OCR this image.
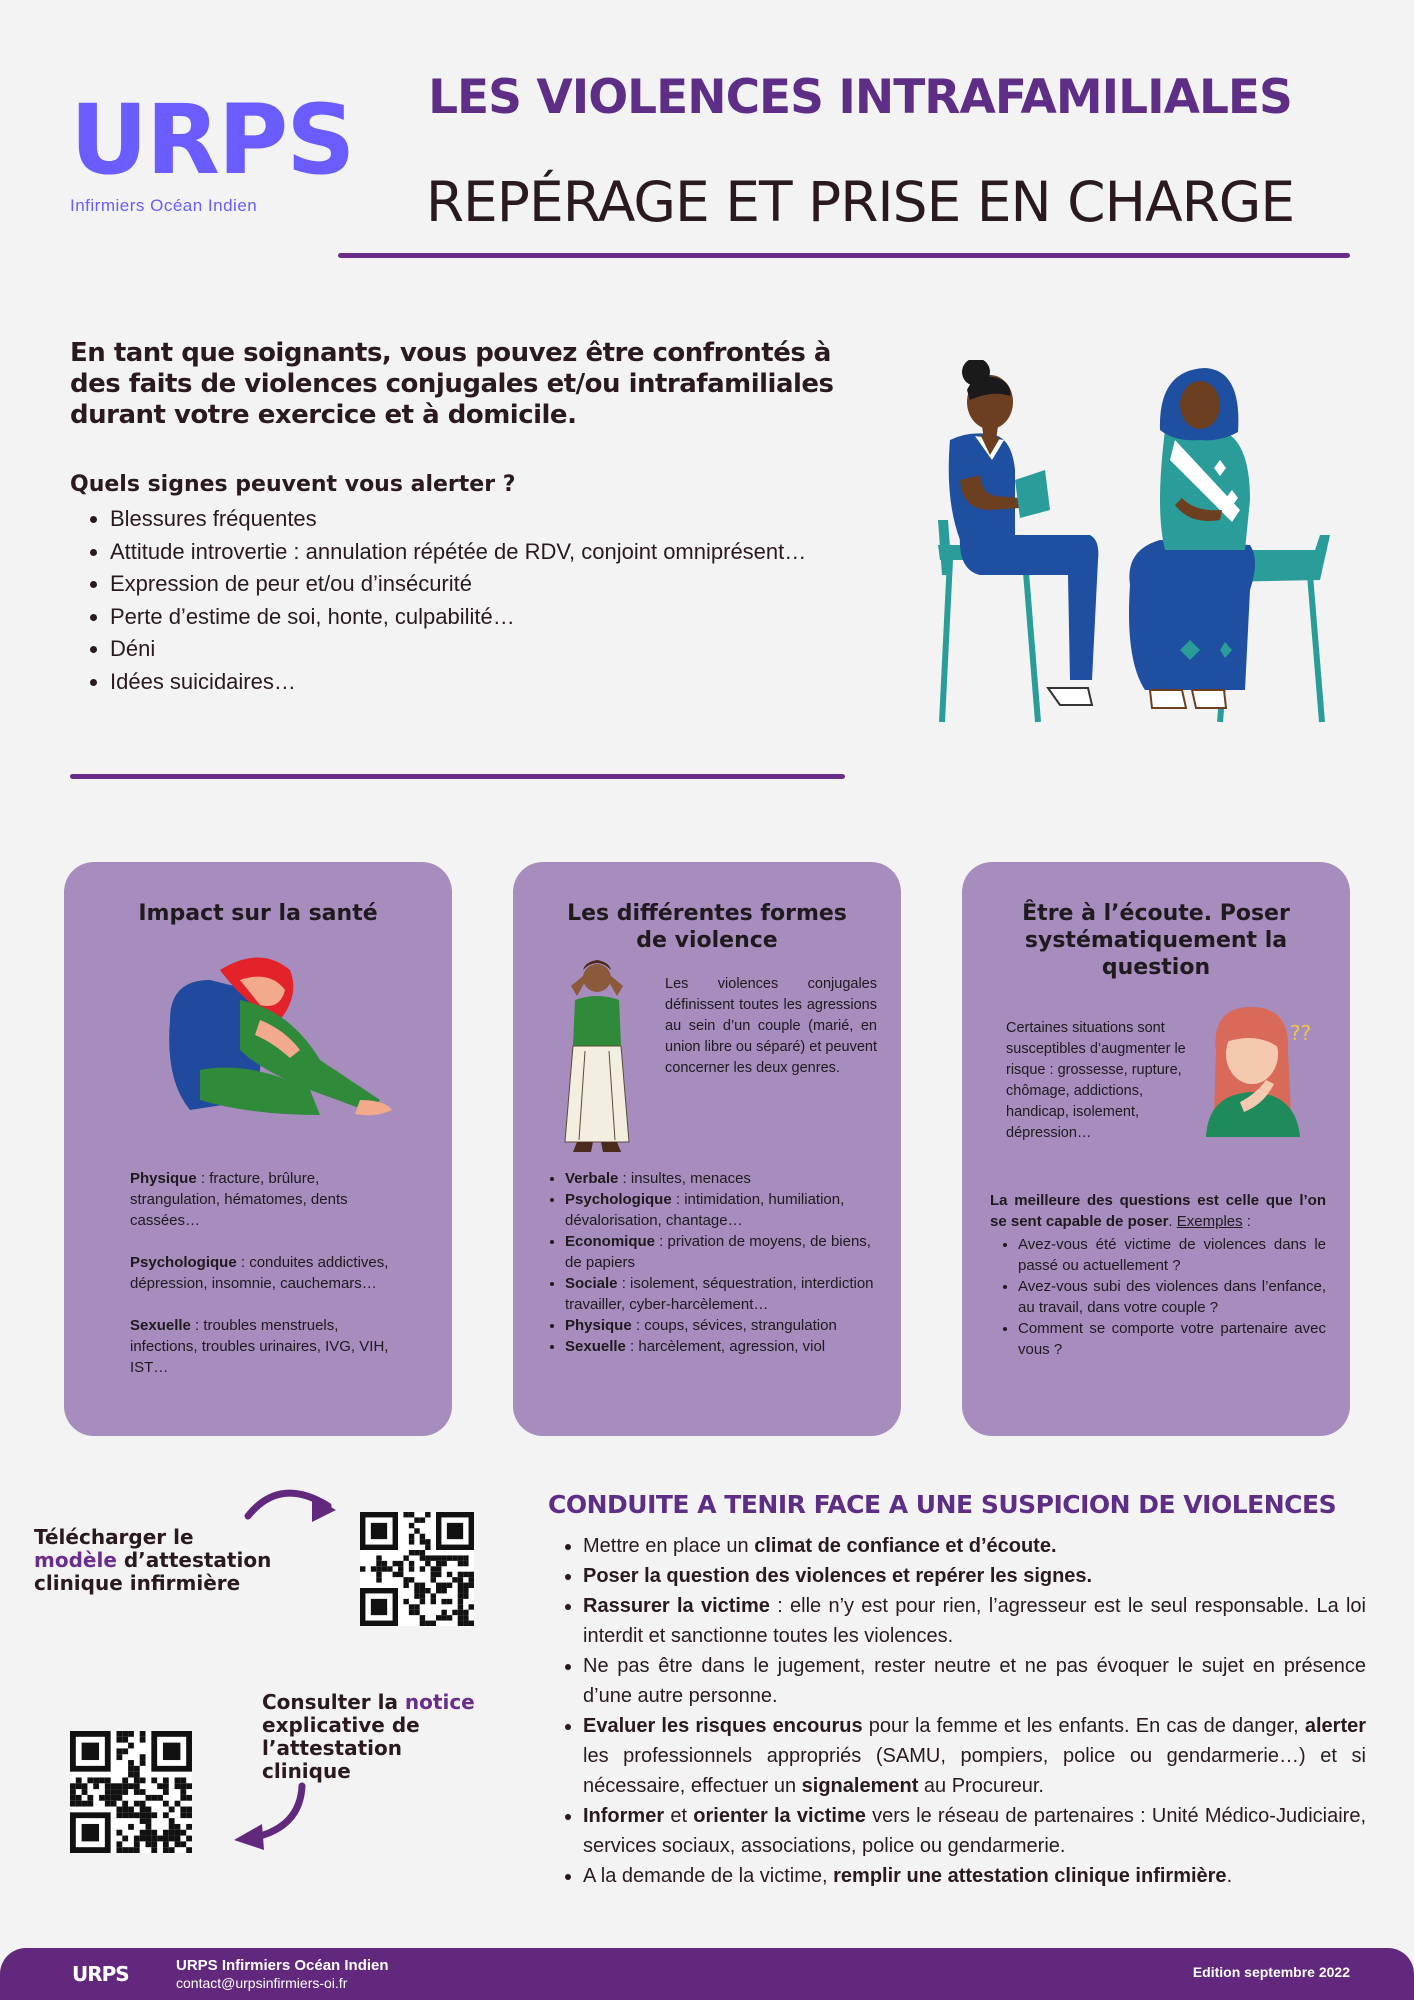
URPS
Infirmiers Océan Indien
LES VIOLENCES INTRAFAMILIALES
REPÉRAGE ET PRISE EN CHARGE
En tant que soignants, vous pouvez être confrontés à des faits de violences conjugales et/ou intrafamiliales durant votre exercice et à domicile.
Quels signes peuvent vous alerter ?
• Blessures fréquentes
• Attitude introvertie : annulation répétée de RDV, conjoint omniprésent…
• Expression de peur et/ou d’insécurité
• Perte d’estime de soi, honte, culpabilité…
• Déni
• Idées suicidaires…
Impact sur la santé
Physique : fracture, brûlure, strangulation, hématomes, dents cassées…
Psychologique : conduites addictives, dépression, insomnie, cauchemars…
Sexuelle : troubles menstruels, infections, troubles urinaires, IVG, VIH, IST…
Les différentes formes de violence
Les violences conjugales définissent toutes les agressions au sein d’un couple (marié, en union libre ou séparé) et peuvent concerner les deux genres.
• Verbale : insultes, menaces
• Psychologique : intimidation, humiliation, dévalorisation, chantage…
• Economique : privation de moyens, de biens, de papiers
• Sociale : isolement, séquestration, interdiction travailler, cyber-harcèlement…
• Physique : coups, sévices, strangulation
• Sexuelle : harcèlement, agression, viol
Être à l’écoute. Poser systématiquement la question
Certaines situations sont susceptibles d’augmenter le risque : grossesse, rupture, chômage, addictions, handicap, isolement, dépression…
??
La meilleure des questions est celle que l’on se sent capable de poser. Exemples :
• Avez-vous été victime de violences dans le passé ou actuellement ?
• Avez-vous subi des violences dans l’enfance, au travail, dans votre couple ?
• Comment se comporte votre partenaire avec vous ?
Télécharger le modèle d’attestation clinique infirmière
Consulter la notice explicative de l’attestation clinique
CONDUITE A TENIR FACE A UNE SUSPICION DE VIOLENCES
• Mettre en place un climat de confiance et d’écoute.
• Poser la question des violences et repérer les signes.
• Rassurer la victime : elle n’y est pour rien, l’agresseur est le seul responsable. La loi interdit et sanctionne toutes les violences.
• Ne pas être dans le jugement, rester neutre et ne pas évoquer le sujet en présence d’une autre personne.
• Evaluer les risques encourus pour la femme et les enfants. En cas de danger, alerter les professionnels appropriés (SAMU, pompiers, police ou gendarmerie…) et si nécessaire, effectuer un signalement au Procureur.
• Informer et orienter la victime vers le réseau de partenaires : Unité Médico-Judiciaire, services sociaux, associations, police ou gendarmerie.
• A la demande de la victime, remplir une attestation clinique infirmière.
URPS	URPS Infirmiers Océan Indien
contact@urpsinfirmiers-oi.fr
Edition septembre 2022
